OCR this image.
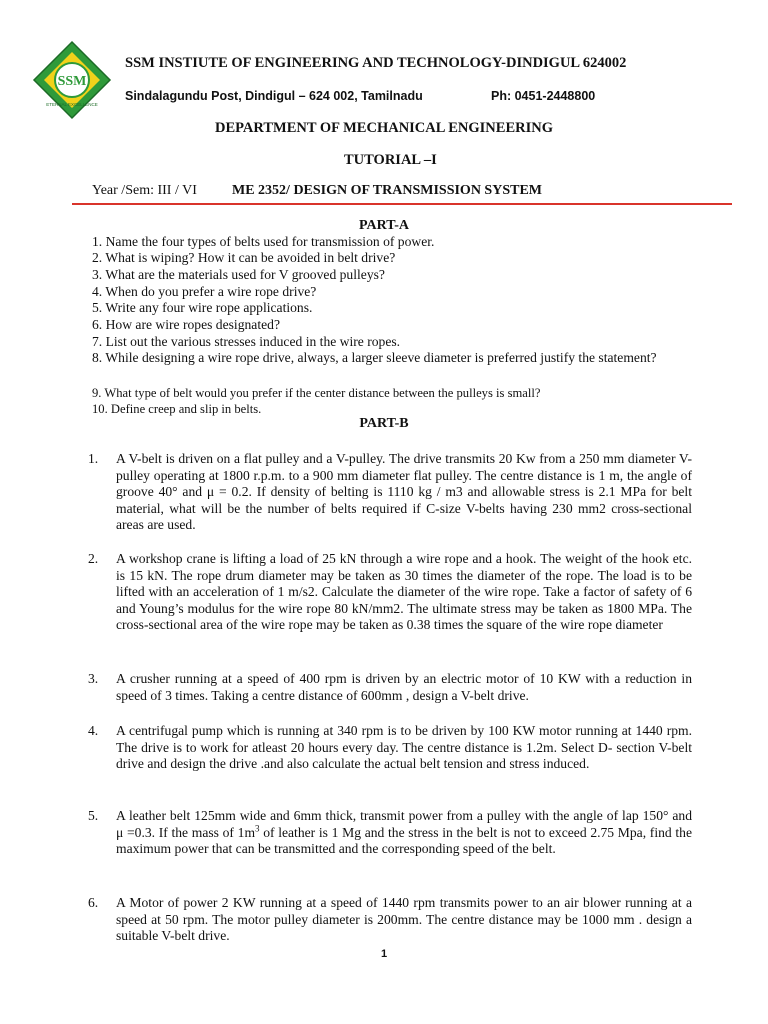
SSM
ETERNAL EXCELLENCE
SSM INSTIUTE OF ENGINEERING AND TECHNOLOGY-DINDIGUL 624002
Sindalagundu Post, Dindigul – 624 002, Tamilnadu	Ph: 0451-2448800
DEPARTMENT OF MECHANICAL ENGINEERING
TUTORIAL –I
Year /Sem: III / VI	ME 2352/ DESIGN OF TRANSMISSION SYSTEM
PART-A
1. Name the four types of belts used for transmission of power.
2. What is wiping? How it can be avoided in belt drive?
3. What are the materials used for V grooved pulleys?
4. When do you prefer a wire rope drive?
5. Write any four wire rope applications.
6. How are wire ropes designated?
7. List out the various stresses induced in the wire ropes.
8. While designing a wire rope drive, always, a larger sleeve diameter is preferred justify the statement?
9. What type of belt would you prefer if the center distance between the pulleys is small?
10. Define creep and slip in belts.
PART-B
1. A V-belt is driven on a flat pulley and a V-pulley. The drive transmits 20 Kw from a 250 mm diameter V-pulley operating at 1800 r.p.m. to a 900 mm diameter flat pulley. The centre distance is 1 m, the angle of groove 40° and μ = 0.2. If density of belting is 1110 kg / m3 and allowable stress is 2.1 MPa for belt material, what will be the number of belts required if C-size V-belts having 230 mm2 cross-sectional areas are used.
2. A workshop crane is lifting a load of 25 kN through a wire rope and a hook. The weight of the hook etc. is 15 kN. The rope drum diameter may be taken as 30 times the diameter of the rope. The load is to be lifted with an acceleration of 1 m/s2. Calculate the diameter of the wire rope. Take a factor of safety of 6 and Young’s modulus for the wire rope 80 kN/mm2. The ultimate stress may be taken as 1800 MPa. The cross-sectional area of the wire rope may be taken as 0.38 times the square of the wire rope diameter
3. A crusher running at a speed of 400 rpm is driven by an electric motor of 10 KW with a reduction in speed of 3 times. Taking a centre distance of 600mm , design a V-belt drive.
4. A centrifugal pump which is running at 340 rpm is to be driven by 100 KW motor running at 1440 rpm. The drive is to work for atleast 20 hours every day. The centre distance is 1.2m. Select D- section V-belt drive and design the drive .and also calculate the actual belt tension and stress induced.
5. A leather belt 125mm wide and 6mm thick, transmit power from a pulley with the angle of lap 150° and μ =0.3. If the mass of $1m^3$ of leather is 1 Mg and the stress in the belt is not to exceed 2.75 Mpa, find the maximum power that can be transmitted and the corresponding speed of the belt.
6. A Motor of power 2 KW running at a speed of 1440 rpm transmits power to an air blower running at a speed at 50 rpm. The motor pulley diameter is 200mm. The centre distance may be 1000 mm . design a suitable V-belt drive.
1
